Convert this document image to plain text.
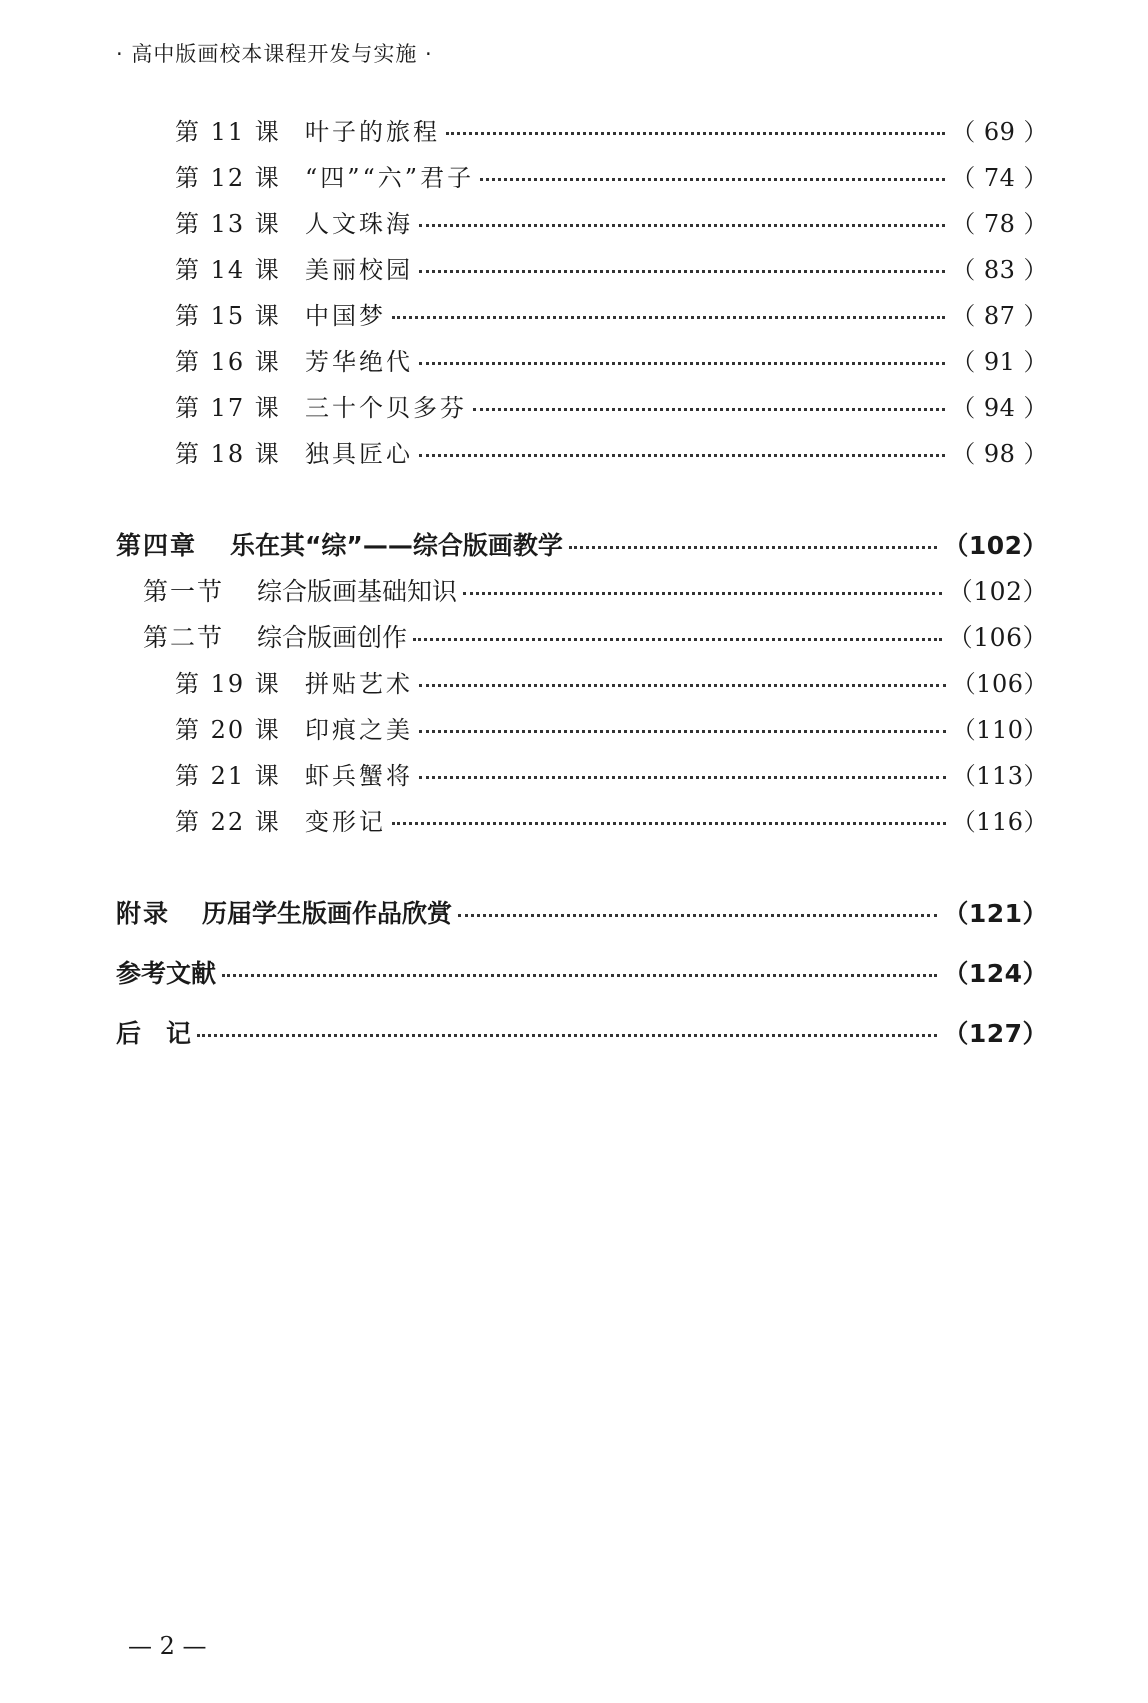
· 高中版画校本课程开发与实施 ·
第 11 课	叶子的旅程	（ 69 ）
第 12 课	“四”“六”君子	（ 74 ）
第 13 课	人文珠海	（ 78 ）
第 14 课	美丽校园	（ 83 ）
第 15 课	中国梦	（ 87 ）
第 16 课	芳华绝代	（ 91 ）
第 17 课	三十个贝多芬	（ 94 ）
第 18 课	独具匠心	（ 98 ）
第四章	乐在其“综”——综合版画教学	（102）
第一节	综合版画基础知识	（102）
第二节	综合版画创作	（106）
第 19 课	拼贴艺术	（106）
第 20 课	印痕之美	（110）
第 21 课	虾兵蟹将	（113）
第 22 课	变形记	（116）
附录	历届学生版画作品欣赏	（121）
参考文献	（124）
后　记	（127）
— 2 —
